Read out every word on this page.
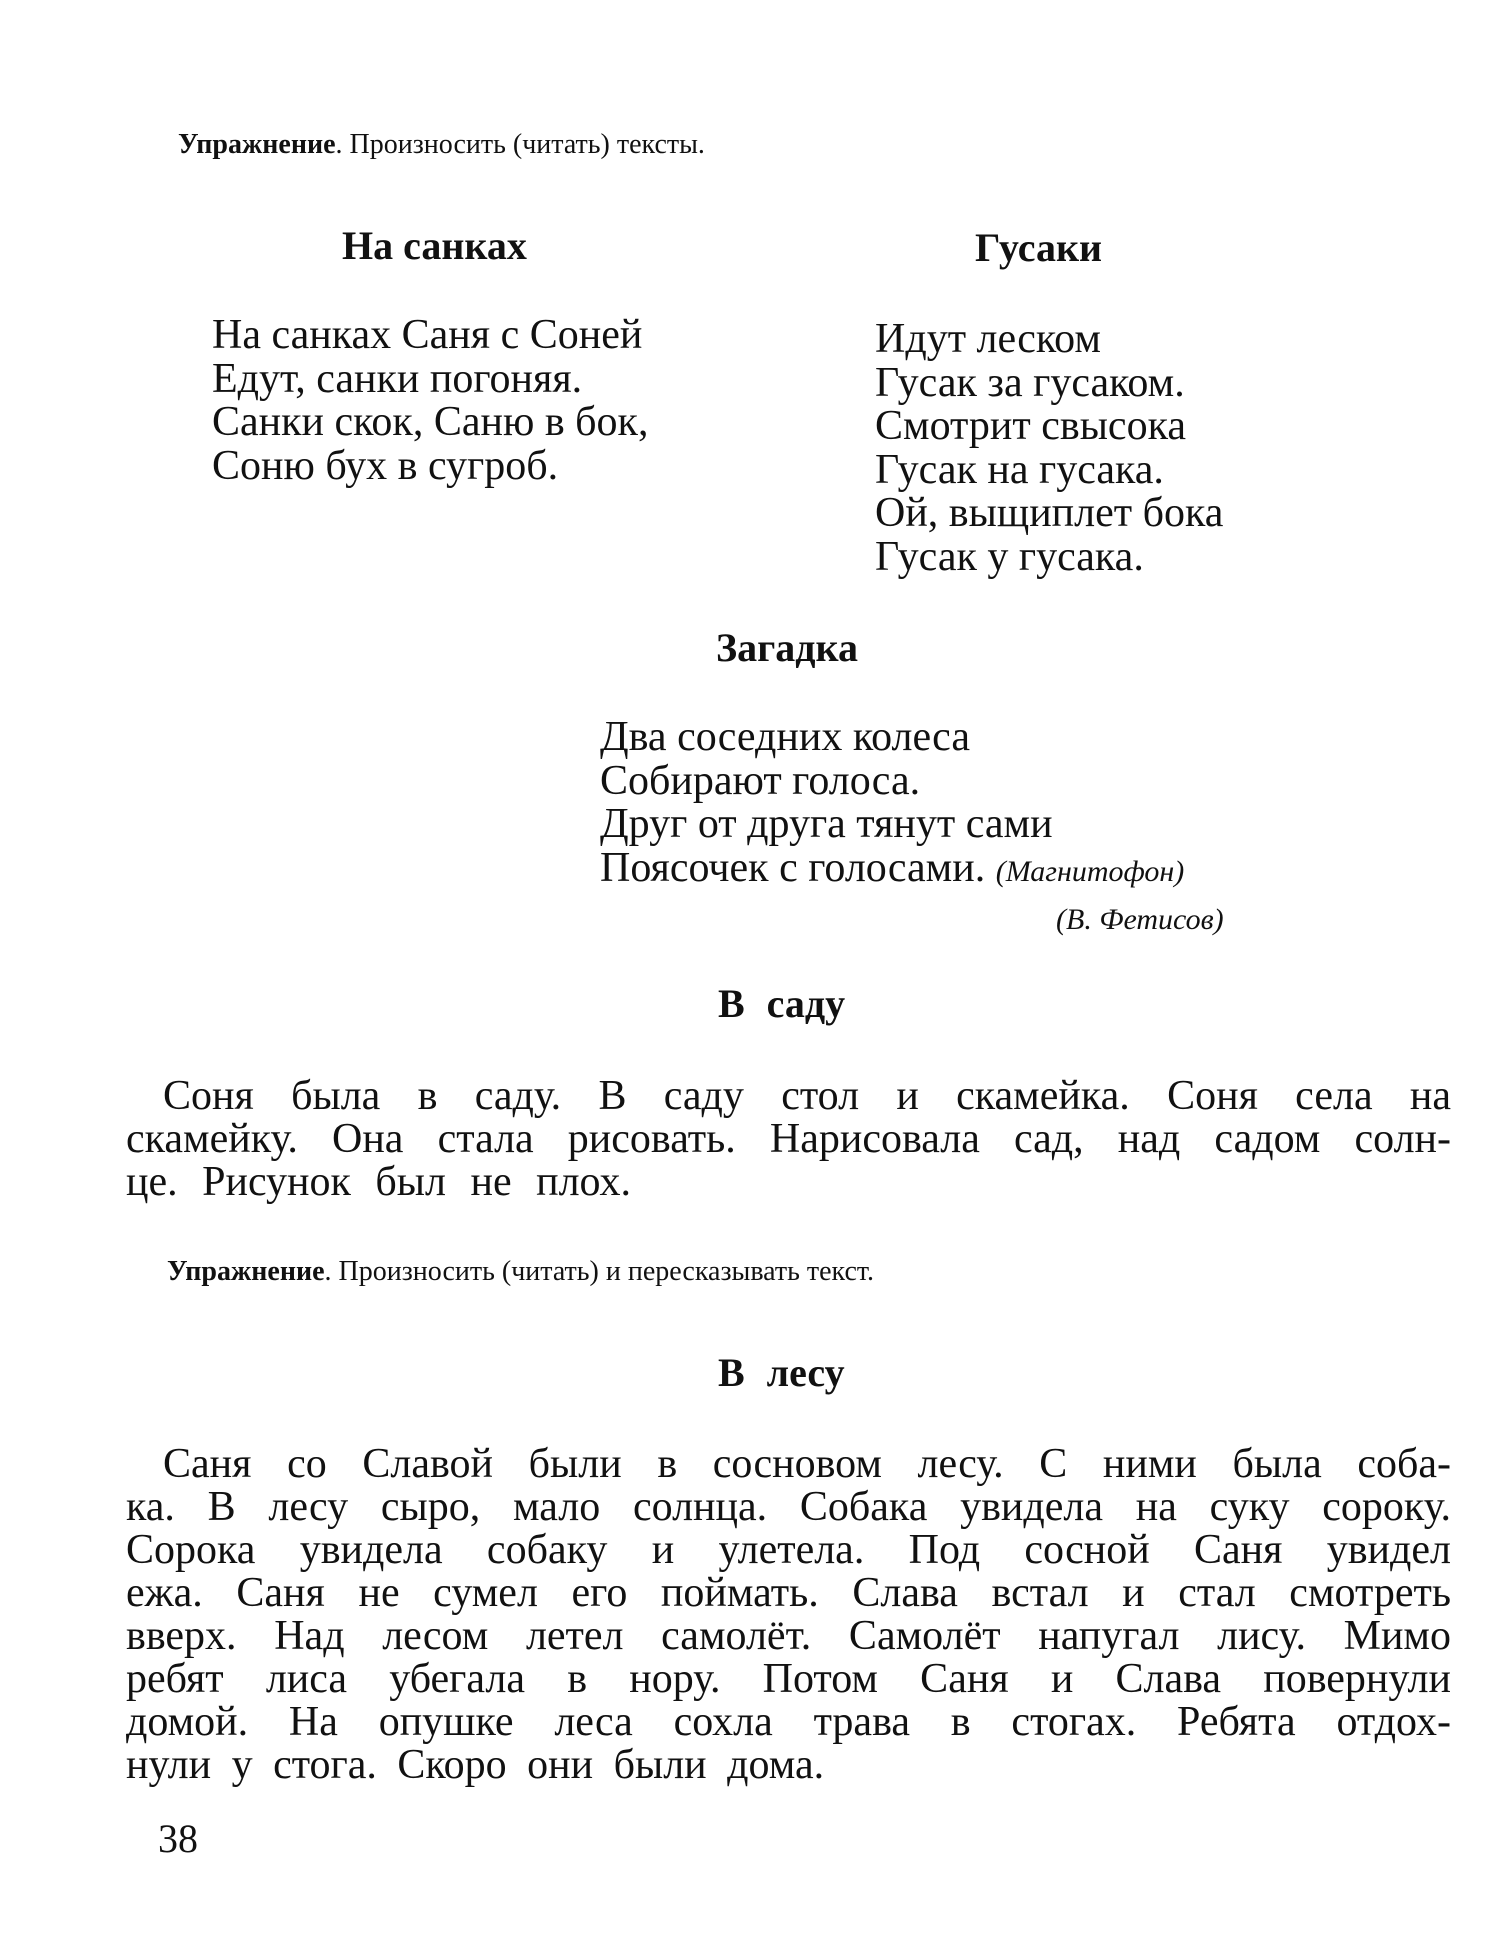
Упражнение. Произносить (читать) тексты.
На санках
На санках Саня с Соней
Едут, санки погоняя.
Санки скок, Саню в бок,
Соню бух в сугроб.
Гусаки
Идут леском
Гусак за гусаком.
Смотрит свысока
Гусак на гусака.
Ой, выщиплет бока
Гусак у гусака.
Загадка
Два соседних колеса
Собирают голоса.
Друг от друга тянут сами
Поясочек с голосами. (Магнитофон)
(В. Фетисов)
В саду
Соня была в саду. В саду стол и скамейка. Соня села на
скамейку. Она стала рисовать. Нарисовала сад, над садом солн-
це. Рисунок был не плох.
Упражнение. Произносить (читать) и пересказывать текст.
В лесу
Саня со Славой были в сосновом лесу. С ними была соба-
ка. В лесу сыро, мало солнца. Собака увидела на суку сороку.
Сорока увидела собаку и улетела. Под сосной Саня увидел
ежа. Саня не сумел его поймать. Слава встал и стал смотреть
вверх. Над лесом летел самолёт. Самолёт напугал лису. Мимо
ребят лиса убегала в нору. Потом Саня и Слава повернули
домой. На опушке леса сохла трава в стогах. Ребята отдох-
нули у стога. Скоро они были дома.
38
